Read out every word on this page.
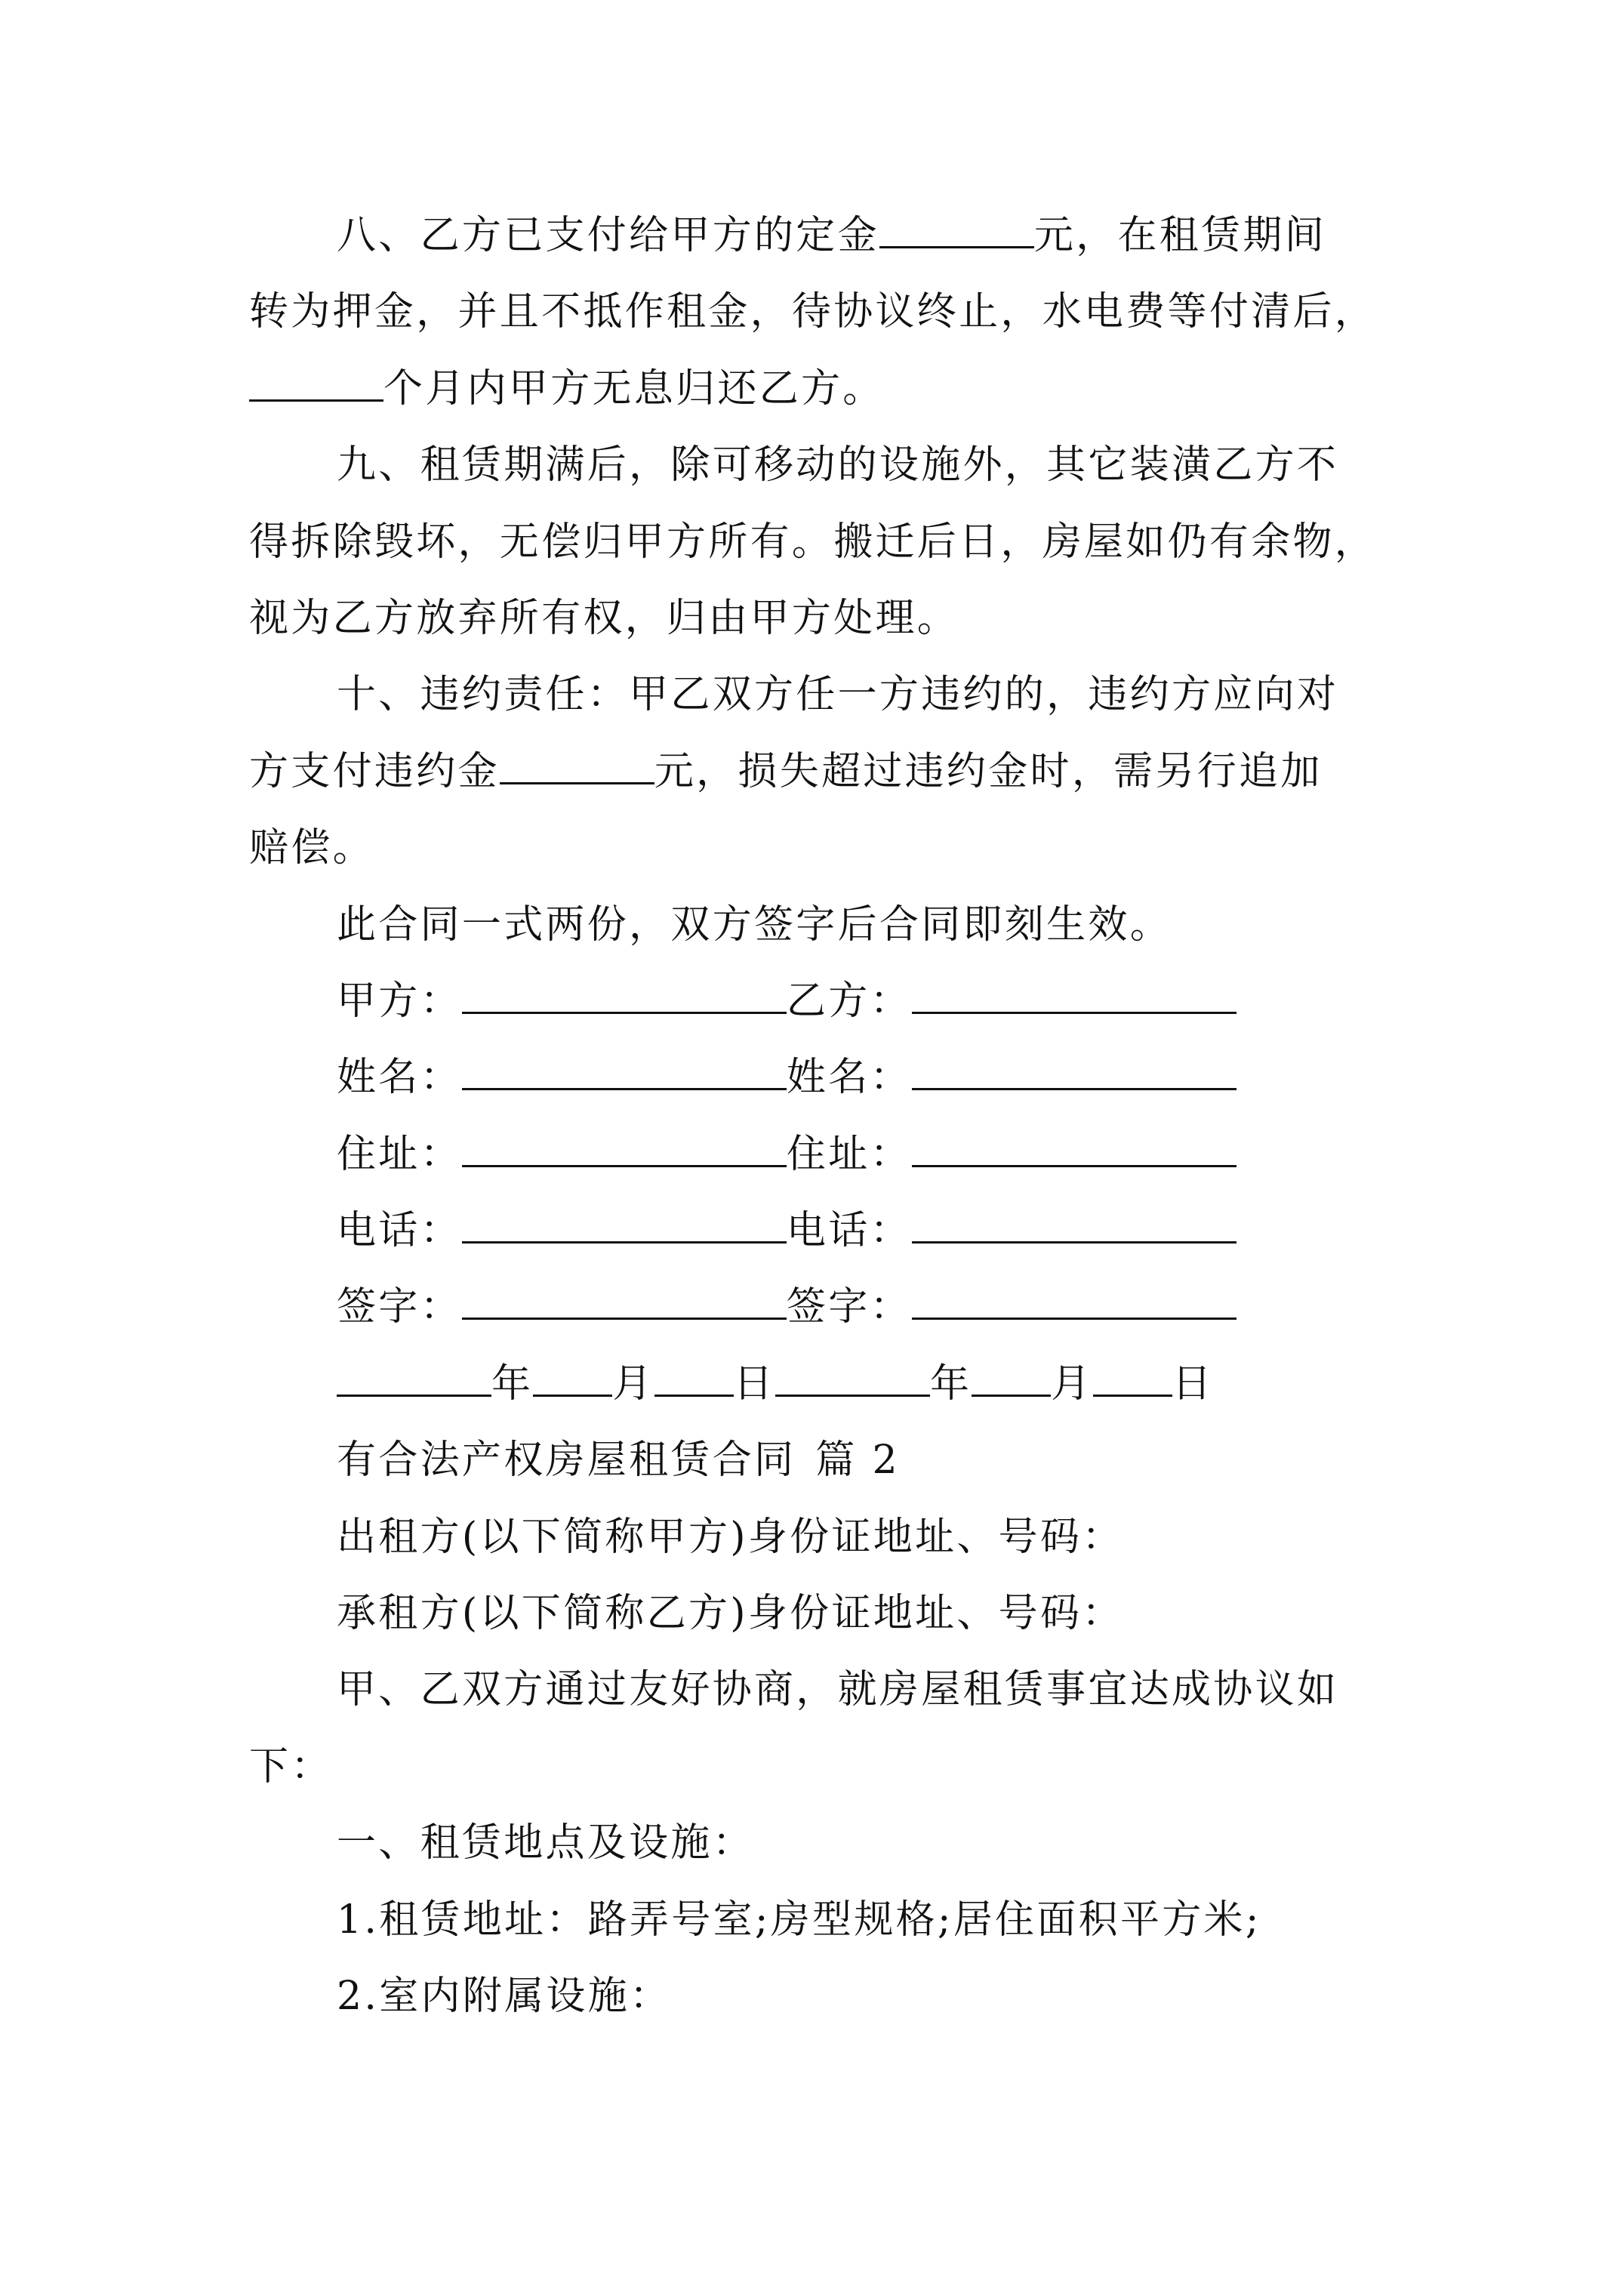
八、乙方已支付给甲方的定金	元，在租赁期间
转为押金，并且不抵作租金，待协议终止，水电费等付清后，
个月内甲方无息归还乙方。
九、租赁期满后，除可移动的设施外，其它装潢乙方不
得拆除毁坏，无偿归甲方所有。搬迁后日，房屋如仍有余物，
视为乙方放弃所有权，归由甲方处理。
十、违约责任：甲乙双方任一方违约的，违约方应向对
方支付违约金	元，损失超过违约金时，需另行追加
赔偿。
此合同一式两份，双方签字后合同即刻生效。
甲方：	乙方：
姓名：	姓名：
住址：	住址：
电话：	电话：
签字：	签字：
年 月 日	年 月 日
有合法产权房屋租赁合同 篇 2
出租方(以下简称甲方)身份证地址、号码：
承租方(以下简称乙方)身份证地址、号码：
甲、乙双方通过友好协商，就房屋租赁事宜达成协议如
下：
一、租赁地点及设施：
1.租赁地址：路弄号室;房型规格;居住面积平方米;
2.室内附属设施：
